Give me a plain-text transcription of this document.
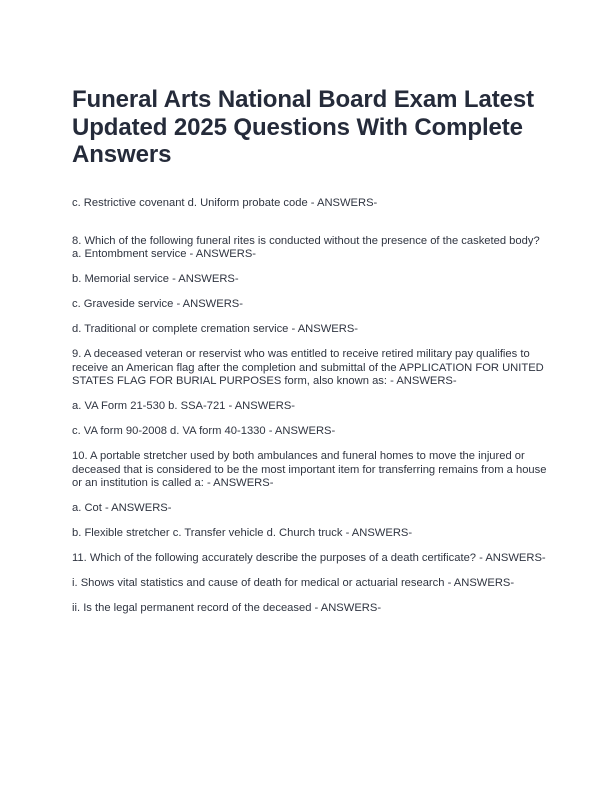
Funeral Arts National Board Exam Latest Updated 2025 Questions With Complete Answers

c. Restrictive covenant d. Uniform probate code - ANSWERS-

8. Which of the following funeral rites is conducted without the presence of the casketed body? a. Entombment service - ANSWERS-

b. Memorial service - ANSWERS-

c. Graveside service - ANSWERS-

d. Traditional or complete cremation service - ANSWERS-

9. A deceased veteran or reservist who was entitled to receive retired military pay qualifies to receive an American flag after the completion and submittal of the APPLICATION FOR UNITED STATES FLAG FOR BURIAL PURPOSES form, also known as: - ANSWERS-

a. VA Form 21-530 b. SSA-721 - ANSWERS-

c. VA form 90-2008 d. VA form 40-1330 - ANSWERS-

10. A portable stretcher used by both ambulances and funeral homes to move the injured or deceased that is considered to be the most important item for transferring remains from a house or an institution is called a: - ANSWERS-

a. Cot - ANSWERS-

b. Flexible stretcher c. Transfer vehicle d. Church truck - ANSWERS-

11. Which of the following accurately describe the purposes of a death certificate? - ANSWERS-

i. Shows vital statistics and cause of death for medical or actuarial research - ANSWERS-

ii. Is the legal permanent record of the deceased - ANSWERS-
